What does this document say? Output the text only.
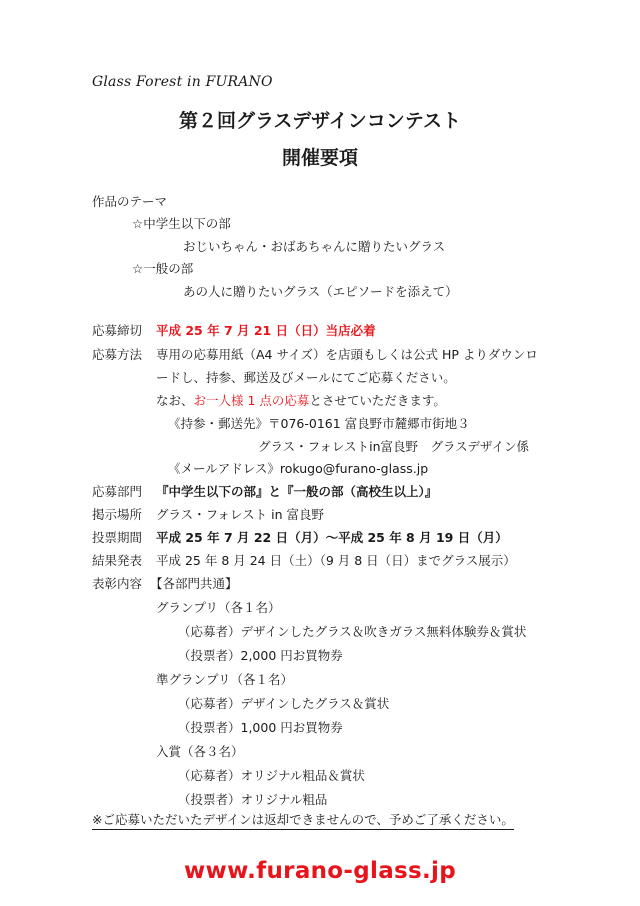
Glass Forest in FURANO
第２回グラスデザインコンテスト
開催要項
作品のテーマ
☆中学生以下の部
おじいちゃん・おばあちゃんに贈りたいグラス
☆一般の部
あの人に贈りたいグラス（エピソードを添えて）
応募締切 平成 25 年 7 月 21 日（日）当店必着
応募方法 専用の応募用紙（A4 サイズ）を店頭もしくは公式 HP よりダウンロ
ードし、持参、郵送及びメールにてご応募ください。
なお、お一人様 1 点の応募とさせていただきます。
《持参・郵送先》〒076-0161 富良野市麓郷市街地３
グラス・フォレストin富良野　グラスデザイン係
《メールアドレス》rokugo@furano-glass.jp
応募部門 『中学生以下の部』と『一般の部（高校生以上）』
掲示場所 グラス・フォレスト in 富良野
投票期間 平成 25 年 7 月 22 日（月）～平成 25 年 8 月 19 日（月）
結果発表 平成 25 年 8 月 24 日（土）（9 月 8 日（日）までグラス展示）
表彰内容 【各部門共通】
グランプリ（各１名）
（応募者）デザインしたグラス＆吹きガラス無料体験券＆賞状
（投票者）2,000 円お買物券
準グランプリ（各１名）
（応募者）デザインしたグラス＆賞状
（投票者）1,000 円お買物券
入賞（各３名）
（応募者）オリジナル粗品＆賞状
（投票者）オリジナル粗品
※ご応募いただいたデザインは返却できませんので、予めご了承ください。
www.furano-glass.jp
